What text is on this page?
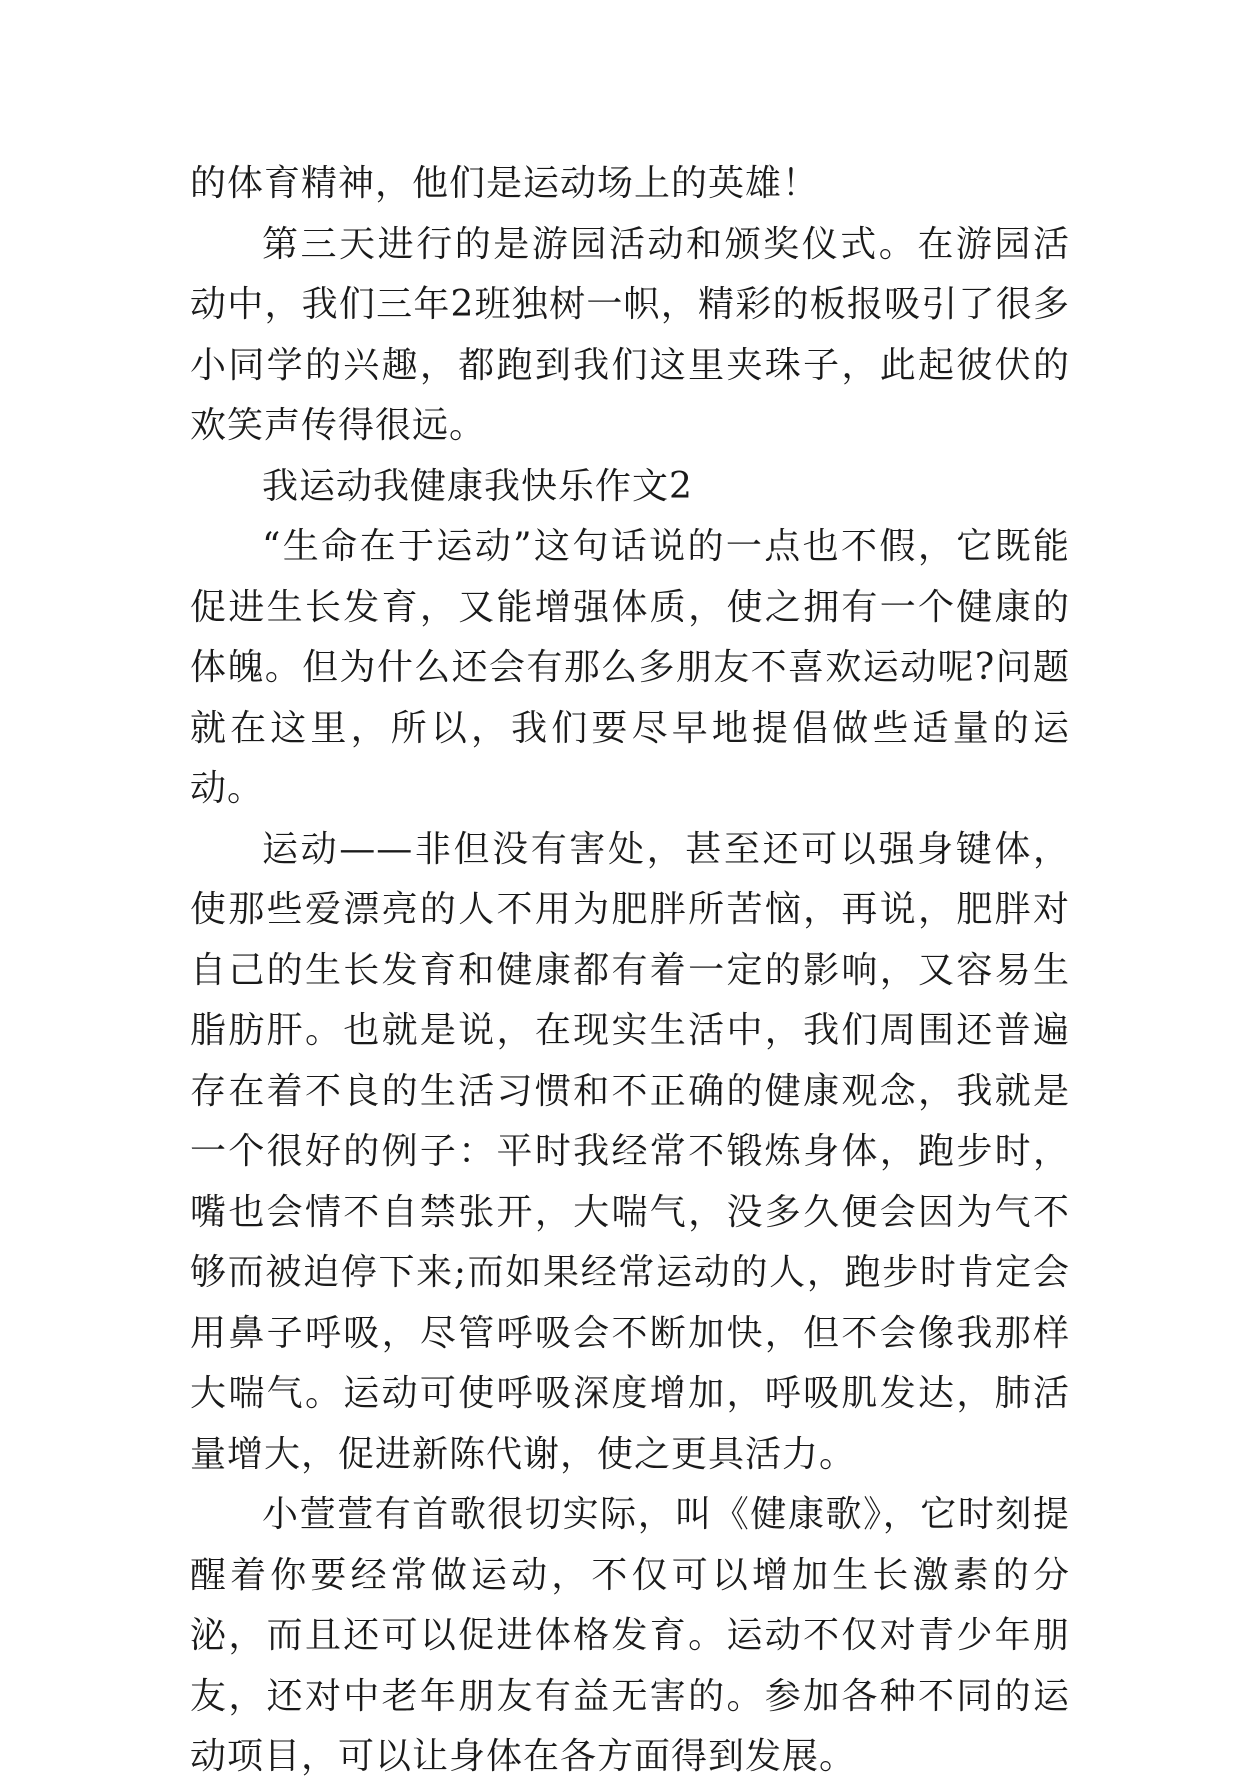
的体育精神，他们是运动场上的英雄！

第三天进行的是游园活动和颁奖仪式。在游园活动中，我们三年2班独树一帜，精彩的板报吸引了很多小同学的兴趣，都跑到我们这里夹珠子，此起彼伏的欢笑声传得很远。

我运动我健康我快乐作文2

“生命在于运动”这句话说的一点也不假，它既能促进生长发育，又能增强体质，使之拥有一个健康的体魄。但为什么还会有那么多朋友不喜欢运动呢?问题就在这里，所以，我们要尽早地提倡做些适量的运动。

运动——非但没有害处，甚至还可以强身键体，使那些爱漂亮的人不用为肥胖所苦恼，再说，肥胖对自己的生长发育和健康都有着一定的影响，又容易生脂肪肝。也就是说，在现实生活中，我们周围还普遍存在着不良的生活习惯和不正确的健康观念，我就是一个很好的例子：平时我经常不锻炼身体，跑步时，嘴也会情不自禁张开，大喘气，没多久便会因为气不够而被迫停下来;而如果经常运动的人，跑步时肯定会用鼻子呼吸，尽管呼吸会不断加快，但不会像我那样大喘气。运动可使呼吸深度增加，呼吸肌发达，肺活量增大，促进新陈代谢，使之更具活力。

小萱萱有首歌很切实际，叫《健康歌》，它时刻提醒着你要经常做运动，不仅可以增加生长激素的分泌，而且还可以促进体格发育。运动不仅对青少年朋友，还对中老年朋友有益无害的。参加各种不同的运动项目，可以让身体在各方面得到发展。
